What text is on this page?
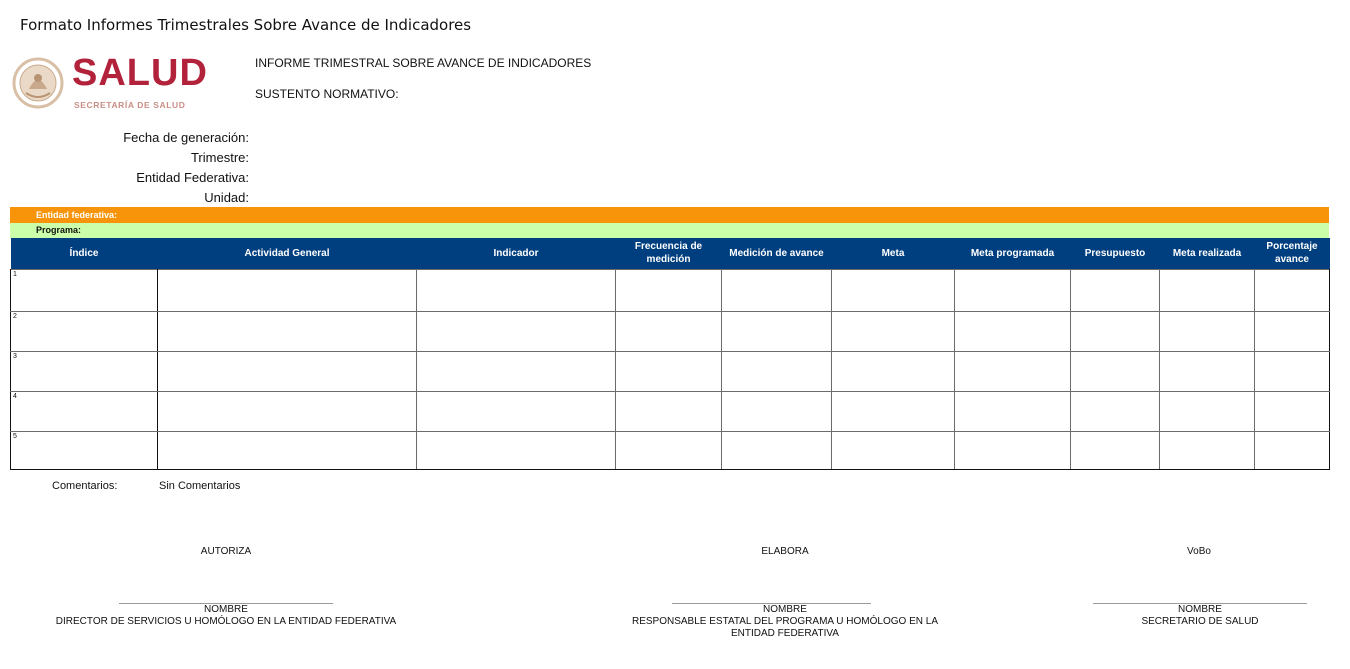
Formato Informes Trimestrales Sobre Avance de Indicadores
SALUD
SECRETARÍA DE SALUD
INFORME TRIMESTRAL SOBRE AVANCE DE INDICADORES
SUSTENTO NORMATIVO:
Fecha de generación:
Trimestre:
Entidad Federativa:
Unidad:
Entidad federativa:
Programa:
Índice	Actividad General	Indicador	Frecuencia de medición	Medición de avance	Meta	Meta programada	Presupuesto	Meta realizada	Porcentaje avance
1									
2									
3									
4									
5									
Comentarios:	Sin Comentarios
AUTORIZA	ELABORA	VoBo
NOMBRE
DIRECTOR DE SERVICIOS U HOMÓLOGO EN LA ENTIDAD FEDERATIVA
NOMBRE
RESPONSABLE ESTATAL DEL PROGRAMA U HOMÓLOGO EN LA ENTIDAD FEDERATIVA
NOMBRE
SECRETARIO DE SALUD
